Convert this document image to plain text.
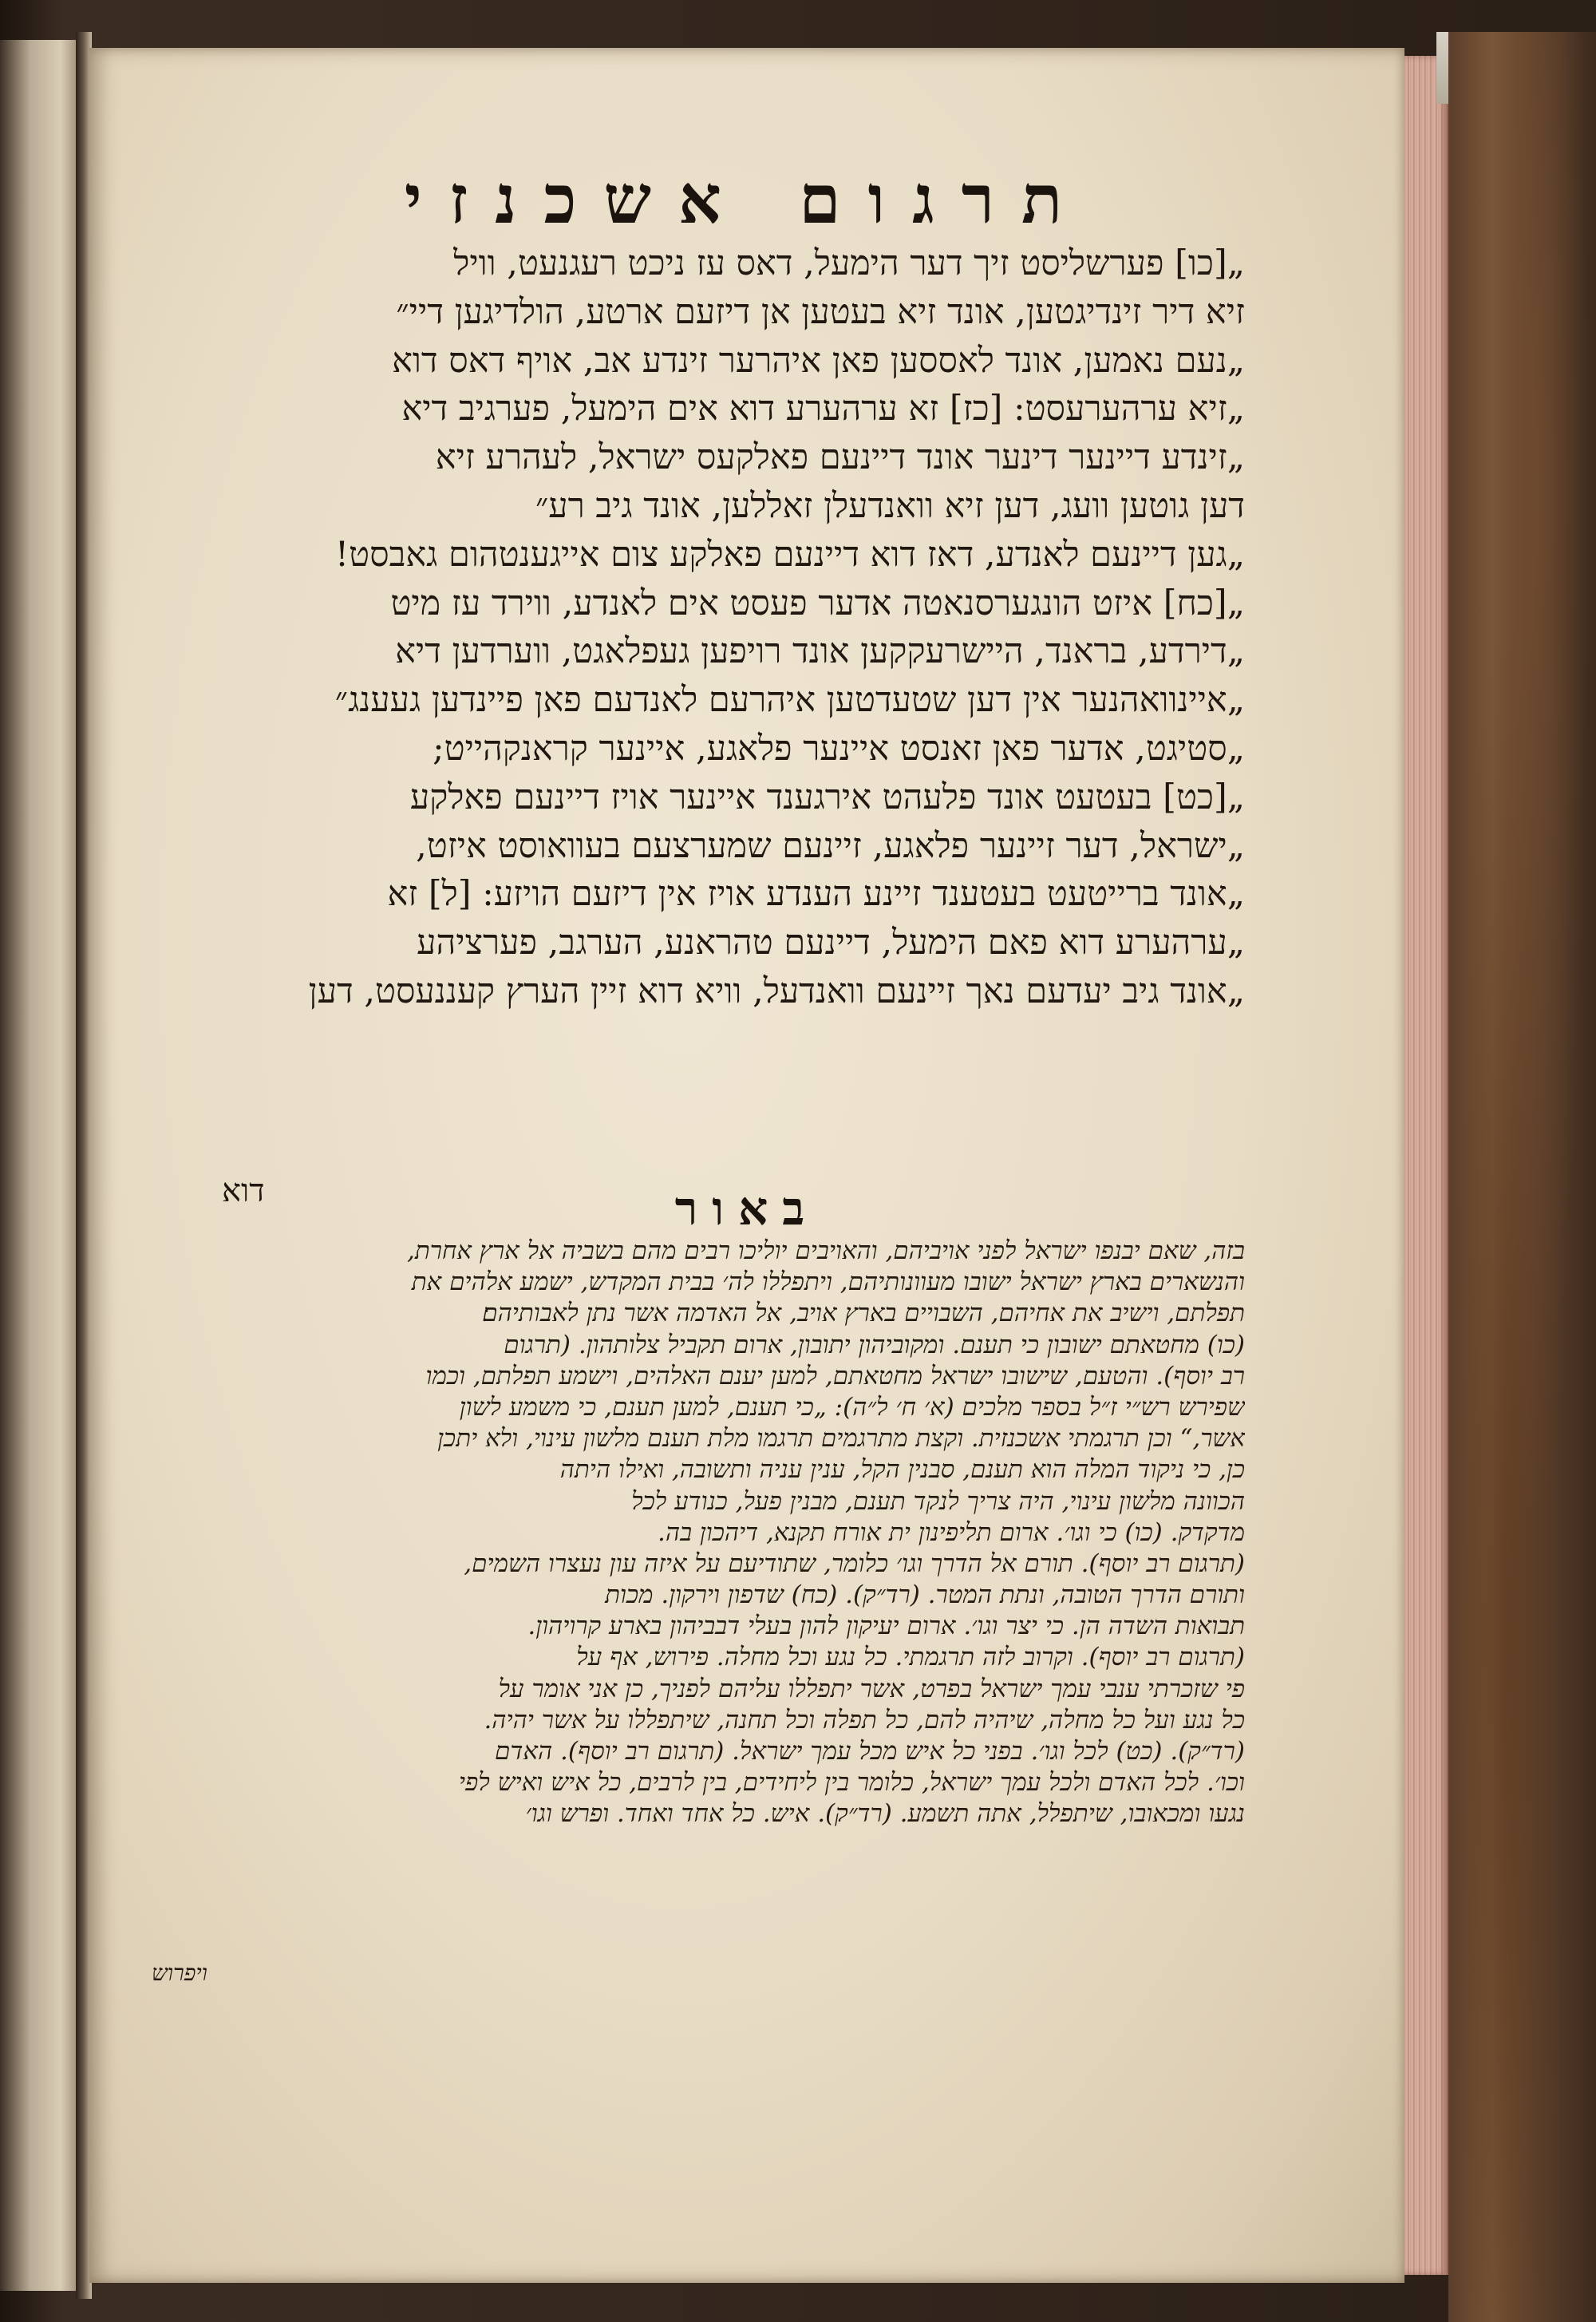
תרגום אשכנזי
„[כו] פערשליסט זיך דער הימעל, דאס עז ניכט רעגנעט, וויל
זיא דיר זינדיגטען, אונד זיא בעטען אן דיזעם ארטע, הולדיגען דיי״
„נעם נאמען, אונד לאססען פאן איהרער זינדע אב, אויף דאס דוא
„זיא ערהערעסט: [כז] זא ערהערע דוא אים הימעל, פערגיב דיא
„זינדע דיינער דינער אונד דיינעם פאלקעס ישראל, לעהרע זיא
דען גוטען וועג, דען זיא וואנדעלן זאללען, אונד גיב רע״
„גען דיינעם לאנדע, דאז דוא דיינעם פאלקע צום אייגענטהום גאבסט!
„[כח] איזט הונגערסנאטה אדער פעסט אים לאנדע, ווירד עז מיט
„דירדע, בראנד, היישרעקקען אונד רויפען געפלאגט, ווערדען דיא
„איינוואהנער אין דען שטעדטען איהרעם לאנדעם פאן פיינדען געענג״
„סטיגט, אדער פאן זאנסט איינער פלאגע, איינער קראנקהייט;
„[כט] בעטעט אונד פלעהט אירגענד איינער אויז דיינעם פאלקע
„ישראל, דער זיינער פלאגע, זיינעם שמערצעם בעוואוסט איזט,
„אונד ברייטעט בעטענד זיינע הענדע אויז אין דיזעם הויזע: [ל] זא
„ערהערע דוא פאם הימעל, דיינעם טהראנע, הערגב, פערציהע
„אונד גיב יעדעם נאך זיינעם וואנדעל, וויא דוא זיין הערץ קעננעסט, דען
דוא	באור
בזה, שאם יבנפו ישראל לפני אויביהם, והאויבים יוליכו רבים מהם בשביה אל ארץ אחרת,
והנשארים בארץ ישראל ישובו מעוונותיהם, ויתפללו לה׳ בבית המקדש, ישמע אלהים את
תפלתם, וישיב את אחיהם, השבויים בארץ אויב, אל האדמה אשר נתן לאבותיהם׃
(כו) מחטאתם ישובון כי תענם. ומקוביהון יתובון, ארום תקביל צלותהון. (תרגום
רב יוסף). והטעם, שישובו ישראל מחטאתם, למען יענם האלהים, וישמע תפלתם, וכמו
שפירש רש״י ז״ל בספר מלכים (א׳ ח׳ ל״ה): „כי תענם, למען תענם, כי משמע לשון
אשר,“ וכן תרגמתי אשכנזית. וקצת מתרגמים תרגמו מלת תענם מלשון עינוי, ולא יתכן
כן, כי ניקוד המלה הוא תענם, סבנין הקל, ענין עניה ותשובה, ואילו היתה
הכוונה מלשון עינוי, היה צריך לנקד תענם, מבנין פעל, כנודע לכל
מדקדק. (כו) כי וגו׳. ארום תליפינון ית אורח תקנא, דיהכון בה.
(תרגום רב יוסף). תורם אל הדרך וגו׳ כלומר, שתודיעם על איזה עון נעצרו השמים,
ותורם הדרך הטובה, ונתת המטר. (רד״ק). (כח) שדפון וירקון. מכות
תבואות השדה הן. כי יצר וגו׳. ארום יעיקון להון בעלי דבביהון בארע קרויהון.
(תרגום רב יוסף). וקרוב לזה תרגמתי. כל נגע וכל מחלה. פירוש, אף על
פי שזכרתי ענבי עמך ישראל בפרט, אשר יתפללו עליהם לפניך, כן אני אומר על
כל נגע ועל כל מחלה, שיהיה להם, כל תפלה וכל תחנה, שיתפללו על אשר יהיה.
(רד״ק). (כט) לכל וגו׳. בפני כל איש מכל עמך ישראל. (תרגום רב יוסף). האדם
וכו׳. לכל האדם ולכל עמך ישראל, כלומר בין ליחידים, בין לרבים, כל איש ואיש לפי
נגעו ומכאובו, שיתפלל, אתה תשמע. (רד״ק). איש. כל אחד ואחד. ופרש וגו׳
ויפרוש
